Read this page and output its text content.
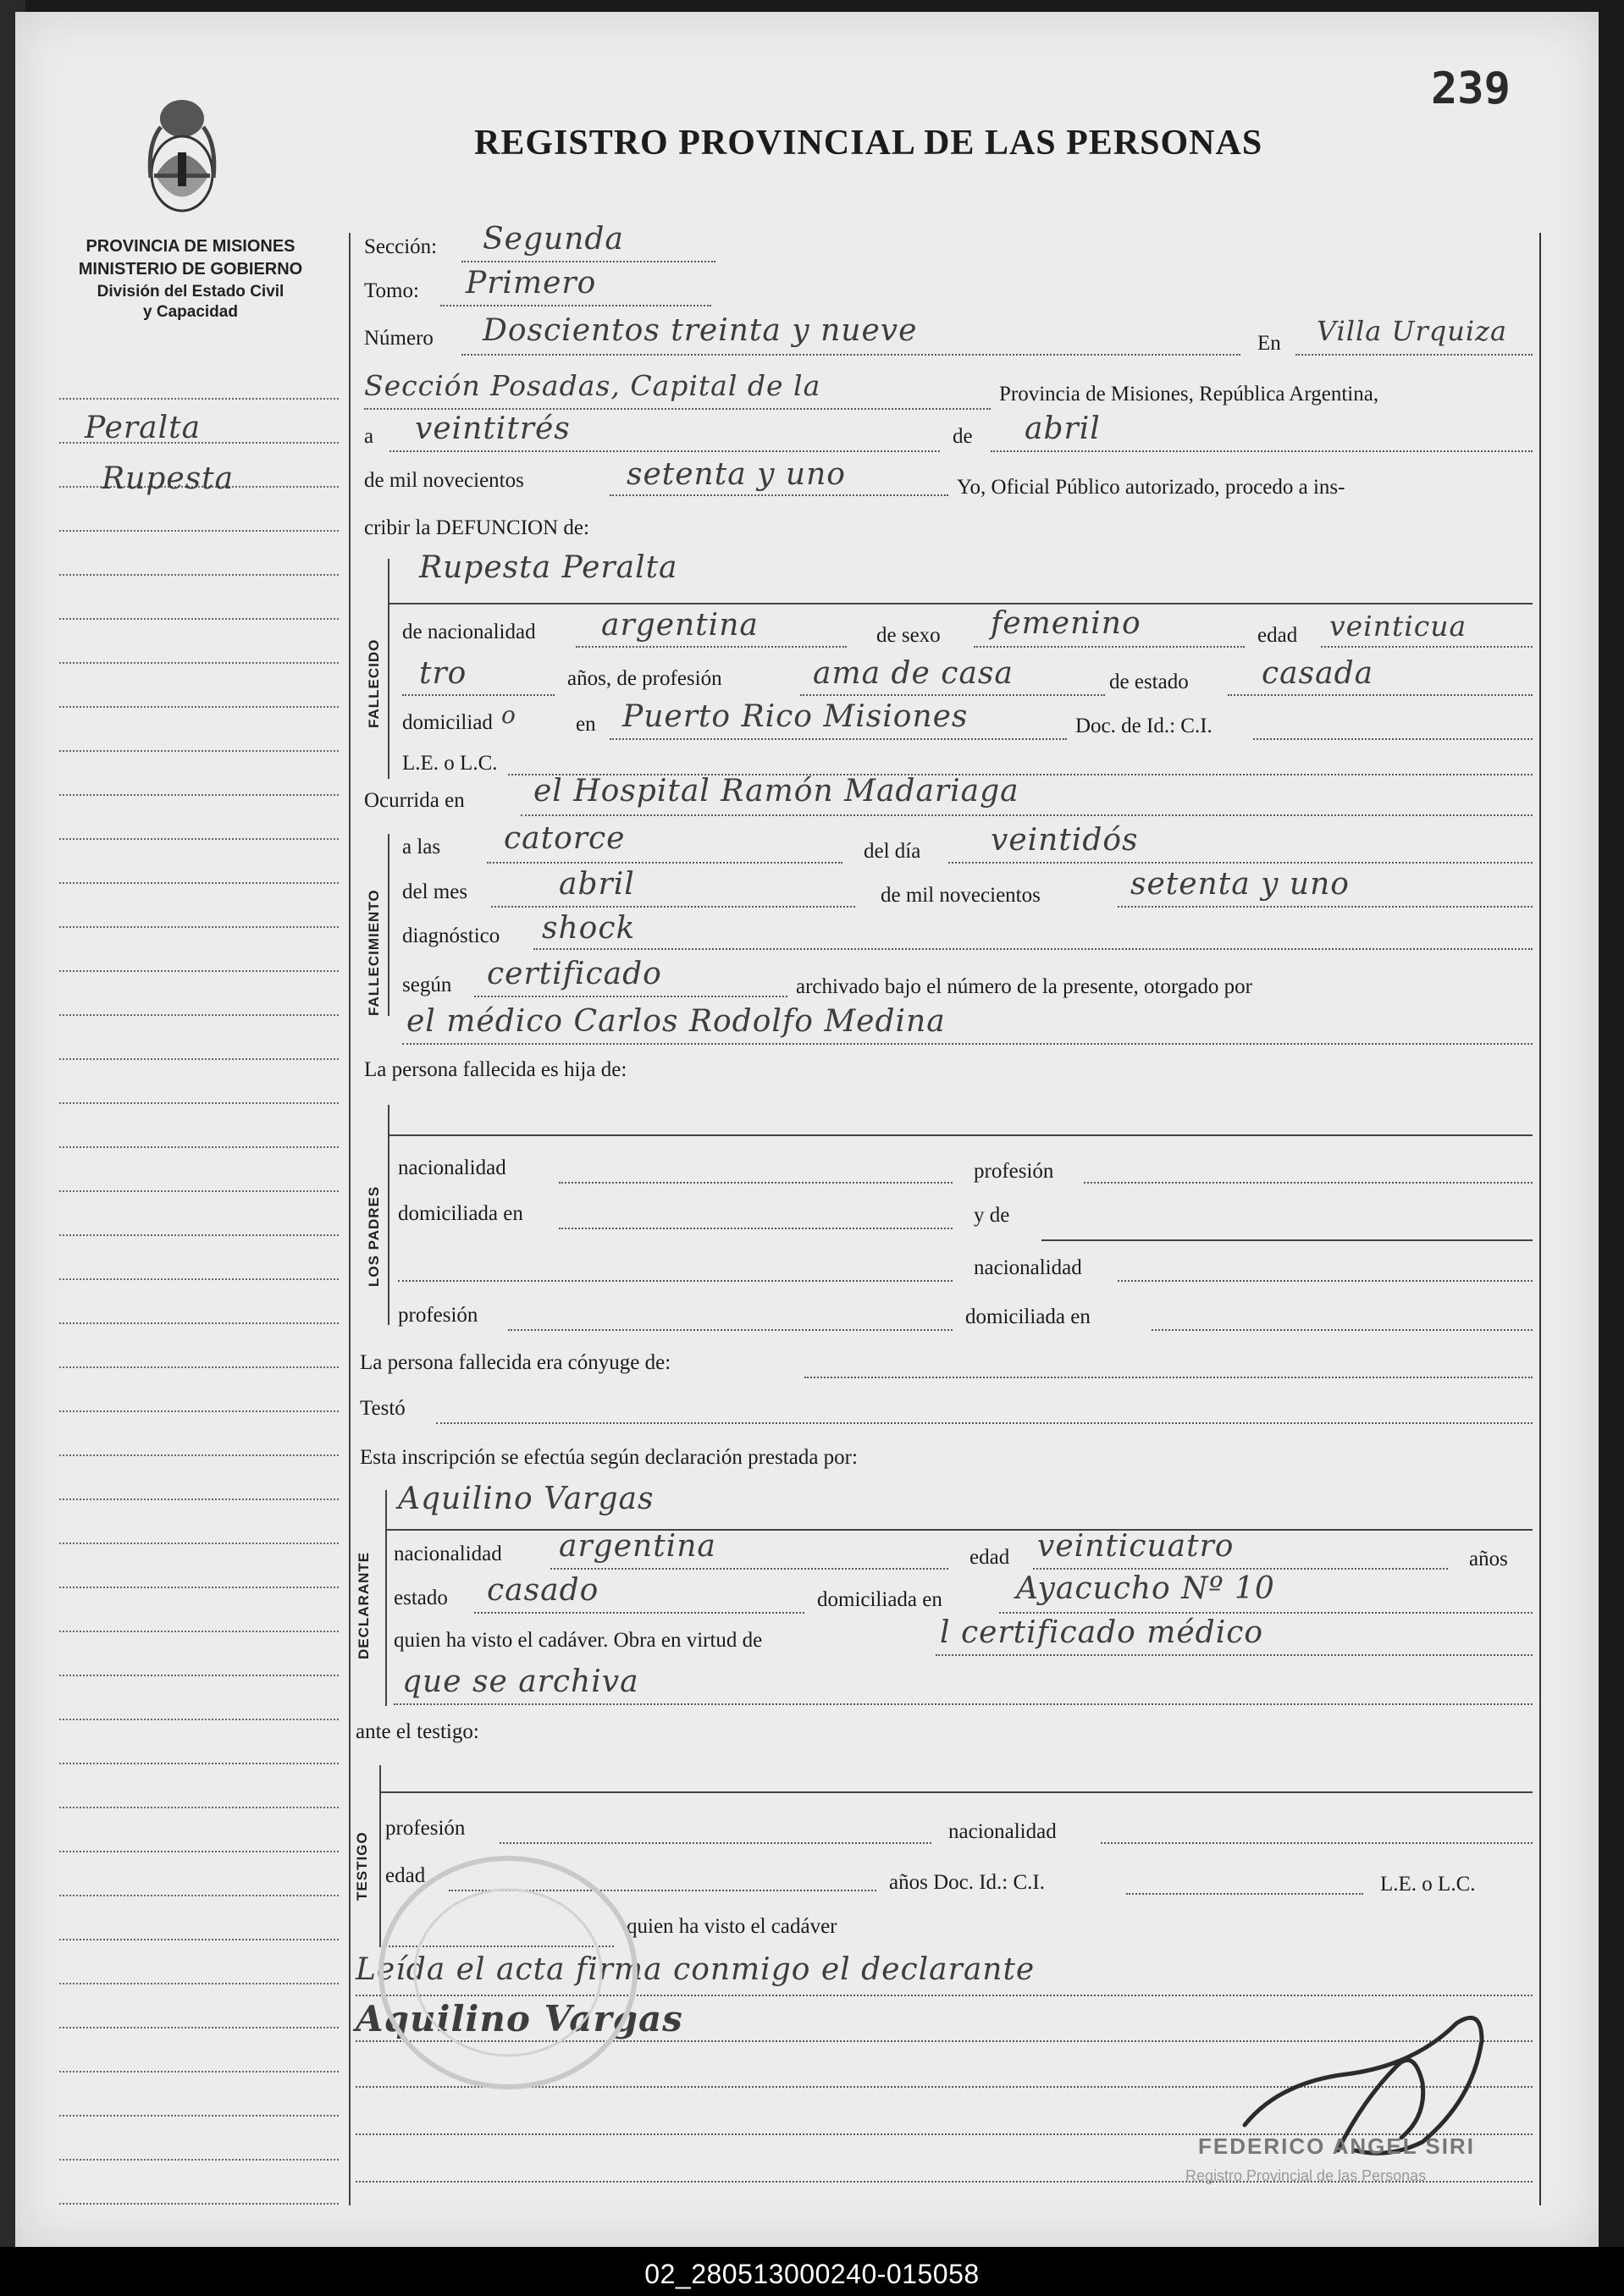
239
PROVINCIA DE MISIONES
MINISTERIO DE GOBIERNO
División del Estado Civil
y Capacidad
REGISTRO PROVINCIAL DE LAS PERSONAS
Peralta
Rupesta
Sección: Segunda
Tomo: Primero
Número Doscientos treinta y nueve	En Villa Urquiza
Sección Posadas, Capital de la	Provincia de Misiones, República Argentina,
a veintitrés	de abril
de mil novecientos	setenta y uno	Yo, Oficial Público autorizado, procedo a ins-
cribir la DEFUNCION de:
FALLECIDO
Rupesta Peralta
de nacionalidad argentina	de sexo femenino	edad veinticua
tro	años, de profesión	ama de casa	de estado casada
domiciliad o	en Puerto Rico Misiones	Doc. de Id.: C.I.
L.E. o L.C.
Ocurrida en el Hospital Ramón Madariaga
FALLECIMIENTO
a las catorce	del día veintidós
del mes	abril	de mil novecientos	setenta y uno
diagnóstico shock
según certificado	archivado bajo el número de la presente, otorgado por
el médico Carlos Rodolfo Medina
La persona fallecida es hija de:
LOS PADRES
nacionalidad	profesión
domiciliada en	y de
nacionalidad
profesión	domiciliada en
La persona fallecida era cónyuge de:
Testó
Esta inscripción se efectúa según declaración prestada por:
DECLARANTE
Aquilino Vargas
nacionalidad argentina	edad veinticuatro	años
estado casado	domiciliada en Ayacucho Nº 10
quien ha visto el cadáver. Obra en virtud de	l certificado médico
que se archiva
ante el testigo:
TESTIGO
profesión	nacionalidad
edad	años Doc. Id.: C.I.	L.E. o L.C.
quien ha visto el cadáver
Leída el acta firma conmigo el declarante
Aquilino Vargas
FEDERICO ANGEL SIRI
Registro Provincial de las Personas
02_280513000240-015058
